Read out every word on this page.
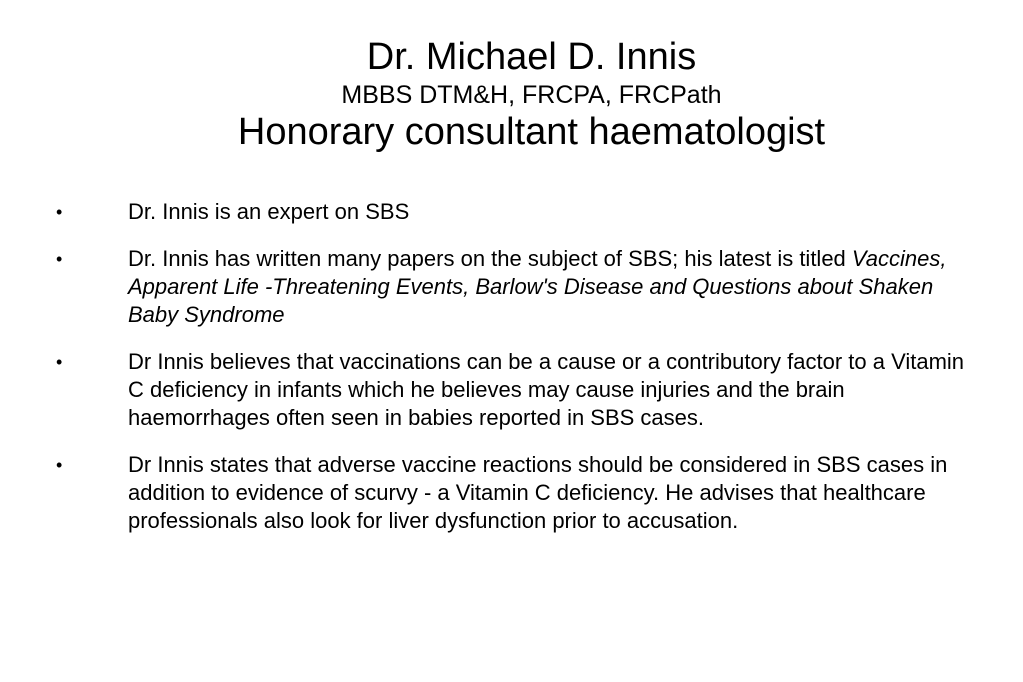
Dr. Michael D. Innis
MBBS DTM&H, FRCPA, FRCPath
Honorary consultant haematologist
•	Dr. Innis is an expert on SBS
•	Dr. Innis has written many papers on the subject of SBS; his latest is titled Vaccines, Apparent Life -Threatening Events, Barlow's Disease and Questions about Shaken Baby Syndrome
•	Dr Innis believes that vaccinations can be a cause or a contributory factor to a Vitamin C deficiency in infants which he believes may cause injuries and the brain haemorrhages often seen in babies reported in SBS cases.
•	Dr Innis states that adverse vaccine reactions should be considered in SBS cases in addition to evidence of scurvy - a Vitamin C deficiency. He advises that healthcare professionals also look for liver dysfunction prior to accusation.
